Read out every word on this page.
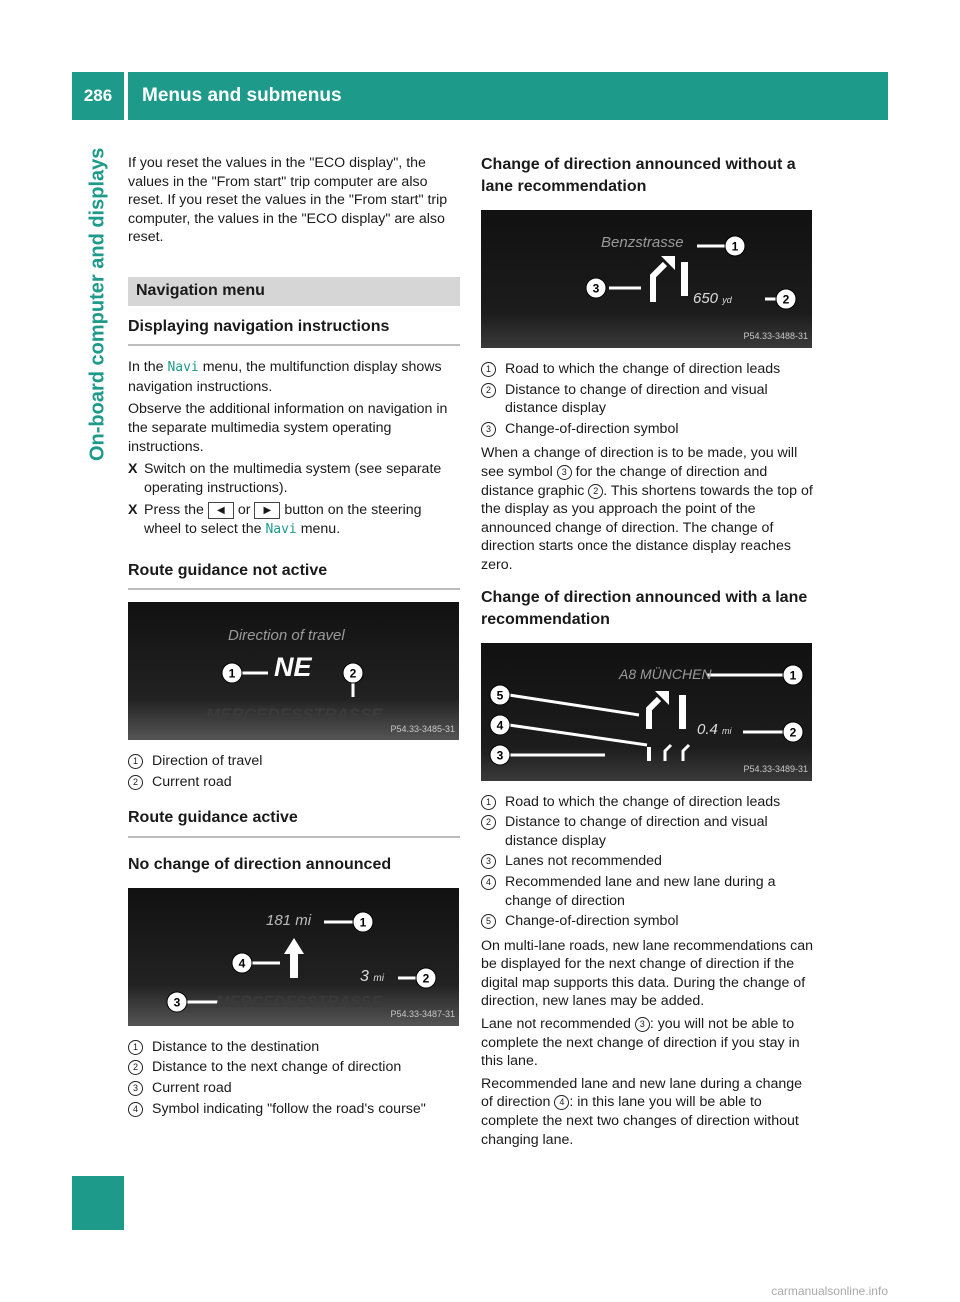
286	Menus and submenus
On-board computer and displays If you reset the values in the "ECO display", the values in the "From start" trip computer are also reset. If you reset the values in the "From start" trip computer, the values in the "ECO display" are also reset.

Navigation menu
Displaying navigation instructions

In the Navi menu, the multifunction display shows navigation instructions.

Observe the additional information on navigation in the separate multimedia system operating instructions.

X Switch on the multimedia system (see separate operating instructions).

X Press the ◀ or ▶ button on the steering wheel to select the Navi menu.

Route guidance not active
1	2
Direction of travel
NE
MERCEDESSTRASSE
P54.33-3485-31

1 Direction of travel

2 Current road

Route guidance active
No change of direction announced
1
2
3
4
181 mi
3 mi
MERCEDESSTRASSE
P54.33-3487-31

1 Distance to the destination

2 Distance to the next change of direction

3 Current road

4 Symbol indicating "follow the road's course"

Change of direction announced without a lane recommendation
1
2
3
Benzstrasse
650 yd
P54.33-3488-31

1 Road to which the change of direction leads

2 Distance to change of direction and visual distance display

3 Change-of-direction symbol

When a change of direction is to be made, you will see symbol 3 for the change of direction and distance graphic 2 . This shortens towards the top of the display as you approach the point of the announced change of direction. The change of direction starts once the distance display reaches zero.

Change of direction announced with a lane recommendation
1
2
3
4
5
A8 MÜNCHEN
0.4 mi
P54.33-3489-31

1 Road to which the change of direction leads

2 Distance to change of direction and visual distance display

3 Lanes not recommended

4 Recommended lane and new lane during a change of direction

5 Change-of-direction symbol

On multi-lane roads, new lane recommendations can be displayed for the next change of direction if the digital map supports this data. During the change of direction, new lanes may be added.

Lane not recommended 3 : you will not be able to complete the next change of direction if you stay in this lane.

Recommended lane and new lane during a change of direction 4 : in this lane you will be able to complete the next two changes of direction without changing lane.

carmanualsonline.info
